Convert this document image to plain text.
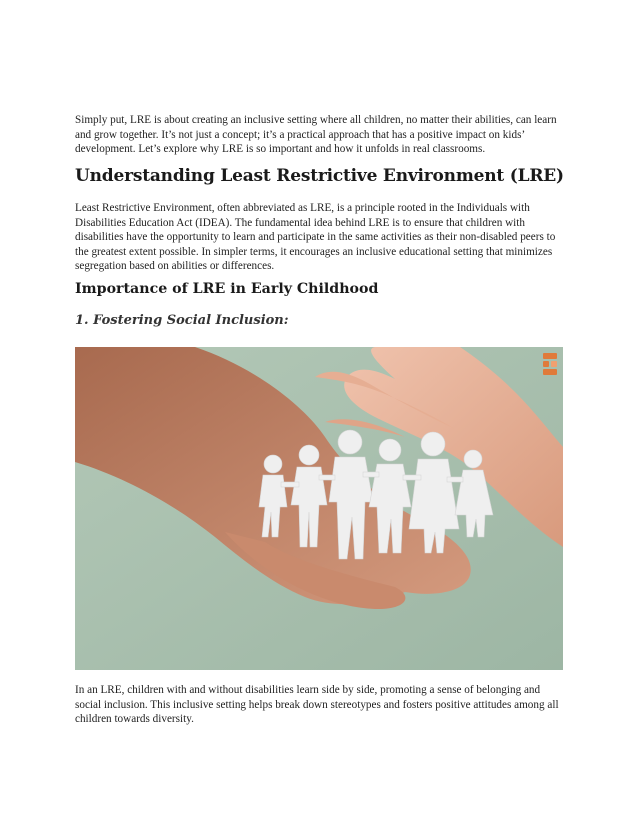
Simply put, LRE is about creating an inclusive setting where all children, no matter their abilities, can learn and grow together. It’s not just a concept; it’s a practical approach that has a positive impact on kids’ development. Let’s explore why LRE is so important and how it unfolds in real classrooms.

Understanding Least Restrictive Environment (LRE)

Least Restrictive Environment, often abbreviated as LRE, is a principle rooted in the Individuals with Disabilities Education Act (IDEA). The fundamental idea behind LRE is to ensure that children with disabilities have the opportunity to learn and participate in the same activities as their non-disabled peers to the greatest extent possible. In simpler terms, it encourages an inclusive educational setting that minimizes segregation based on abilities or differences.

Importance of LRE in Early Childhood
1. Fostering Social Inclusion:

In an LRE, children with and without disabilities learn side by side, promoting a sense of belonging and social inclusion. This inclusive setting helps break down stereotypes and fosters positive attitudes among all children towards diversity.
